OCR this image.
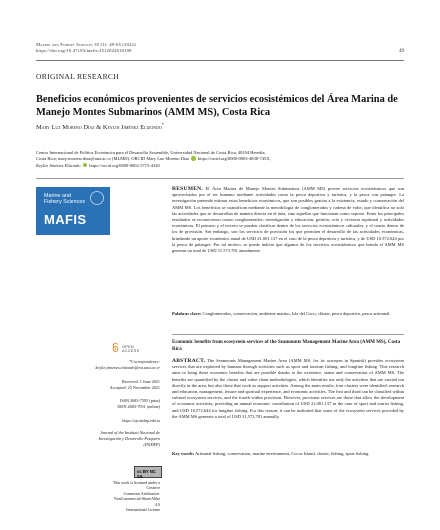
Marine and Fishery Sciences 35 (1): 49-65 (2022)
https://doi.org/10.47193/mafis.3512022010108	49
ORIGINAL RESEARCH
Beneficios económicos provenientes de servicios ecosistémicos del Área Marina de Manejo Montes Submarinos (AMM MS), Costa Rica
Mary Luz Moreno Díaz & Keylin Jiménez Elizondo*
Centro Internacional de Política Económica para el Desarrollo Sostenible, Universidad Nacional de Costa Rica, 40104 Heredia,
Costa Rica; mary.moreno.diaz@una.ac.cr (MLMD). ORCID Mary Luz Moreno Díaz https://orcid.org/0000-0003-4838-745X,
Keylin Jiménez Elizondo https://orcid.org/0000-0002-3715-4340
Marine and
Fishery Sciences
MAFIS
RESUMEN. El Área Marina de Manejo Montes Submarinos (AMM MS) provee servicios ecosistémicos que son aprovechados por el ser humano mediante actividades como la pesca deportiva y turística, y la pesca con palangre. La investigación pretende estimar estos beneficios económicos, que son posibles gracias a la existencia, estado y conservación del AMM MS. Los beneficios se cuantifican mediante la metodología de conglomerados y cadena de valor, que identifica no solo las actividades que se desarrollan de manera directa en el área, sino aquellas que funcionan como soporte. Entre los principales resultados se reconocieron cuatro conglomerados: investigación y educación, gestión, ocio y vivencia espiritual y actividades económicas. El primero y el tercero se pueden clasificar dentro de los servicios ecosistémicos culturales, y el cuarto dentro de los de provisión. Sin embargo, son los servicios de provisión los que permiten el desarrollo de las actividades económicas, brindando un aporte económico anual de USD 21.001.137 en el caso de la pesca deportiva y turística, y de USD 10.572.644 por la pesca de palangre. Por tal motivo, se puede indicar que algunos de los servicios ecosistémicos que brinda el AMM MS generan un total de USD 31.573.781 anualmente.
Palabras clave: Conglomerados, conservación, ambiente marino, Isla del Coco, clúster, pesca deportiva, pesca artesanal.
Economic benefits from ecosystem services of the Seamounts Management Marine Area (AMM MS), Costa Rica
ABSTRACT. The Seamounts Management Marine Area (AMM MS, for its acronym in Spanish) provides ecosystem services that are exploited by humans through activities such as sport and tourism fishing, and longline fishing. This research aims to bring these economic benefits that are possible thanks to the existence, status and conservation of AMM MS. The benefits are quantified by the cluster and value chain methodologies, which identifies not only the activities that are carried out directly in the area, but also those that work as support activities. Among the main results, four clusters were identified: research and education, management, leisure and spiritual experience, and economic activities. The first and third can be classified within cultural ecosystem services, and the fourth within provision. However, provision services are those that allow the development of economic activities, providing an annual economic contribution of USD 21,001,137 in the case of sport and tourist fishing, and USD 10,572,644 for longline fishing. For this reason, it can be indicated that some of the ecosystem services provided by the AMM MS generate a total of USD 31,573,781 annually.
Key words: Artisanal fishing, conservation, marine environment, Cocos Island, cluster, fishing, sport fishing.
OPEN ACCESS
*Correspondence:
keylin.jimenez.elizondo@est.una.ac.cr
Received: 1 June 2021
Accepted: 25 November 2021
ISSN 2683-7595 (print)
ISSN 2683-7951 (online)
https://ojs.inidep.edu.ar
Journal of the Instituto Nacional de
Investigación y Desarrollo Pesquero
(INIDEP)
cc BY NC SA
This work is licensed under a Creative
Commons Attribution-
NonCommercial-ShareAlike 4.0
International License
